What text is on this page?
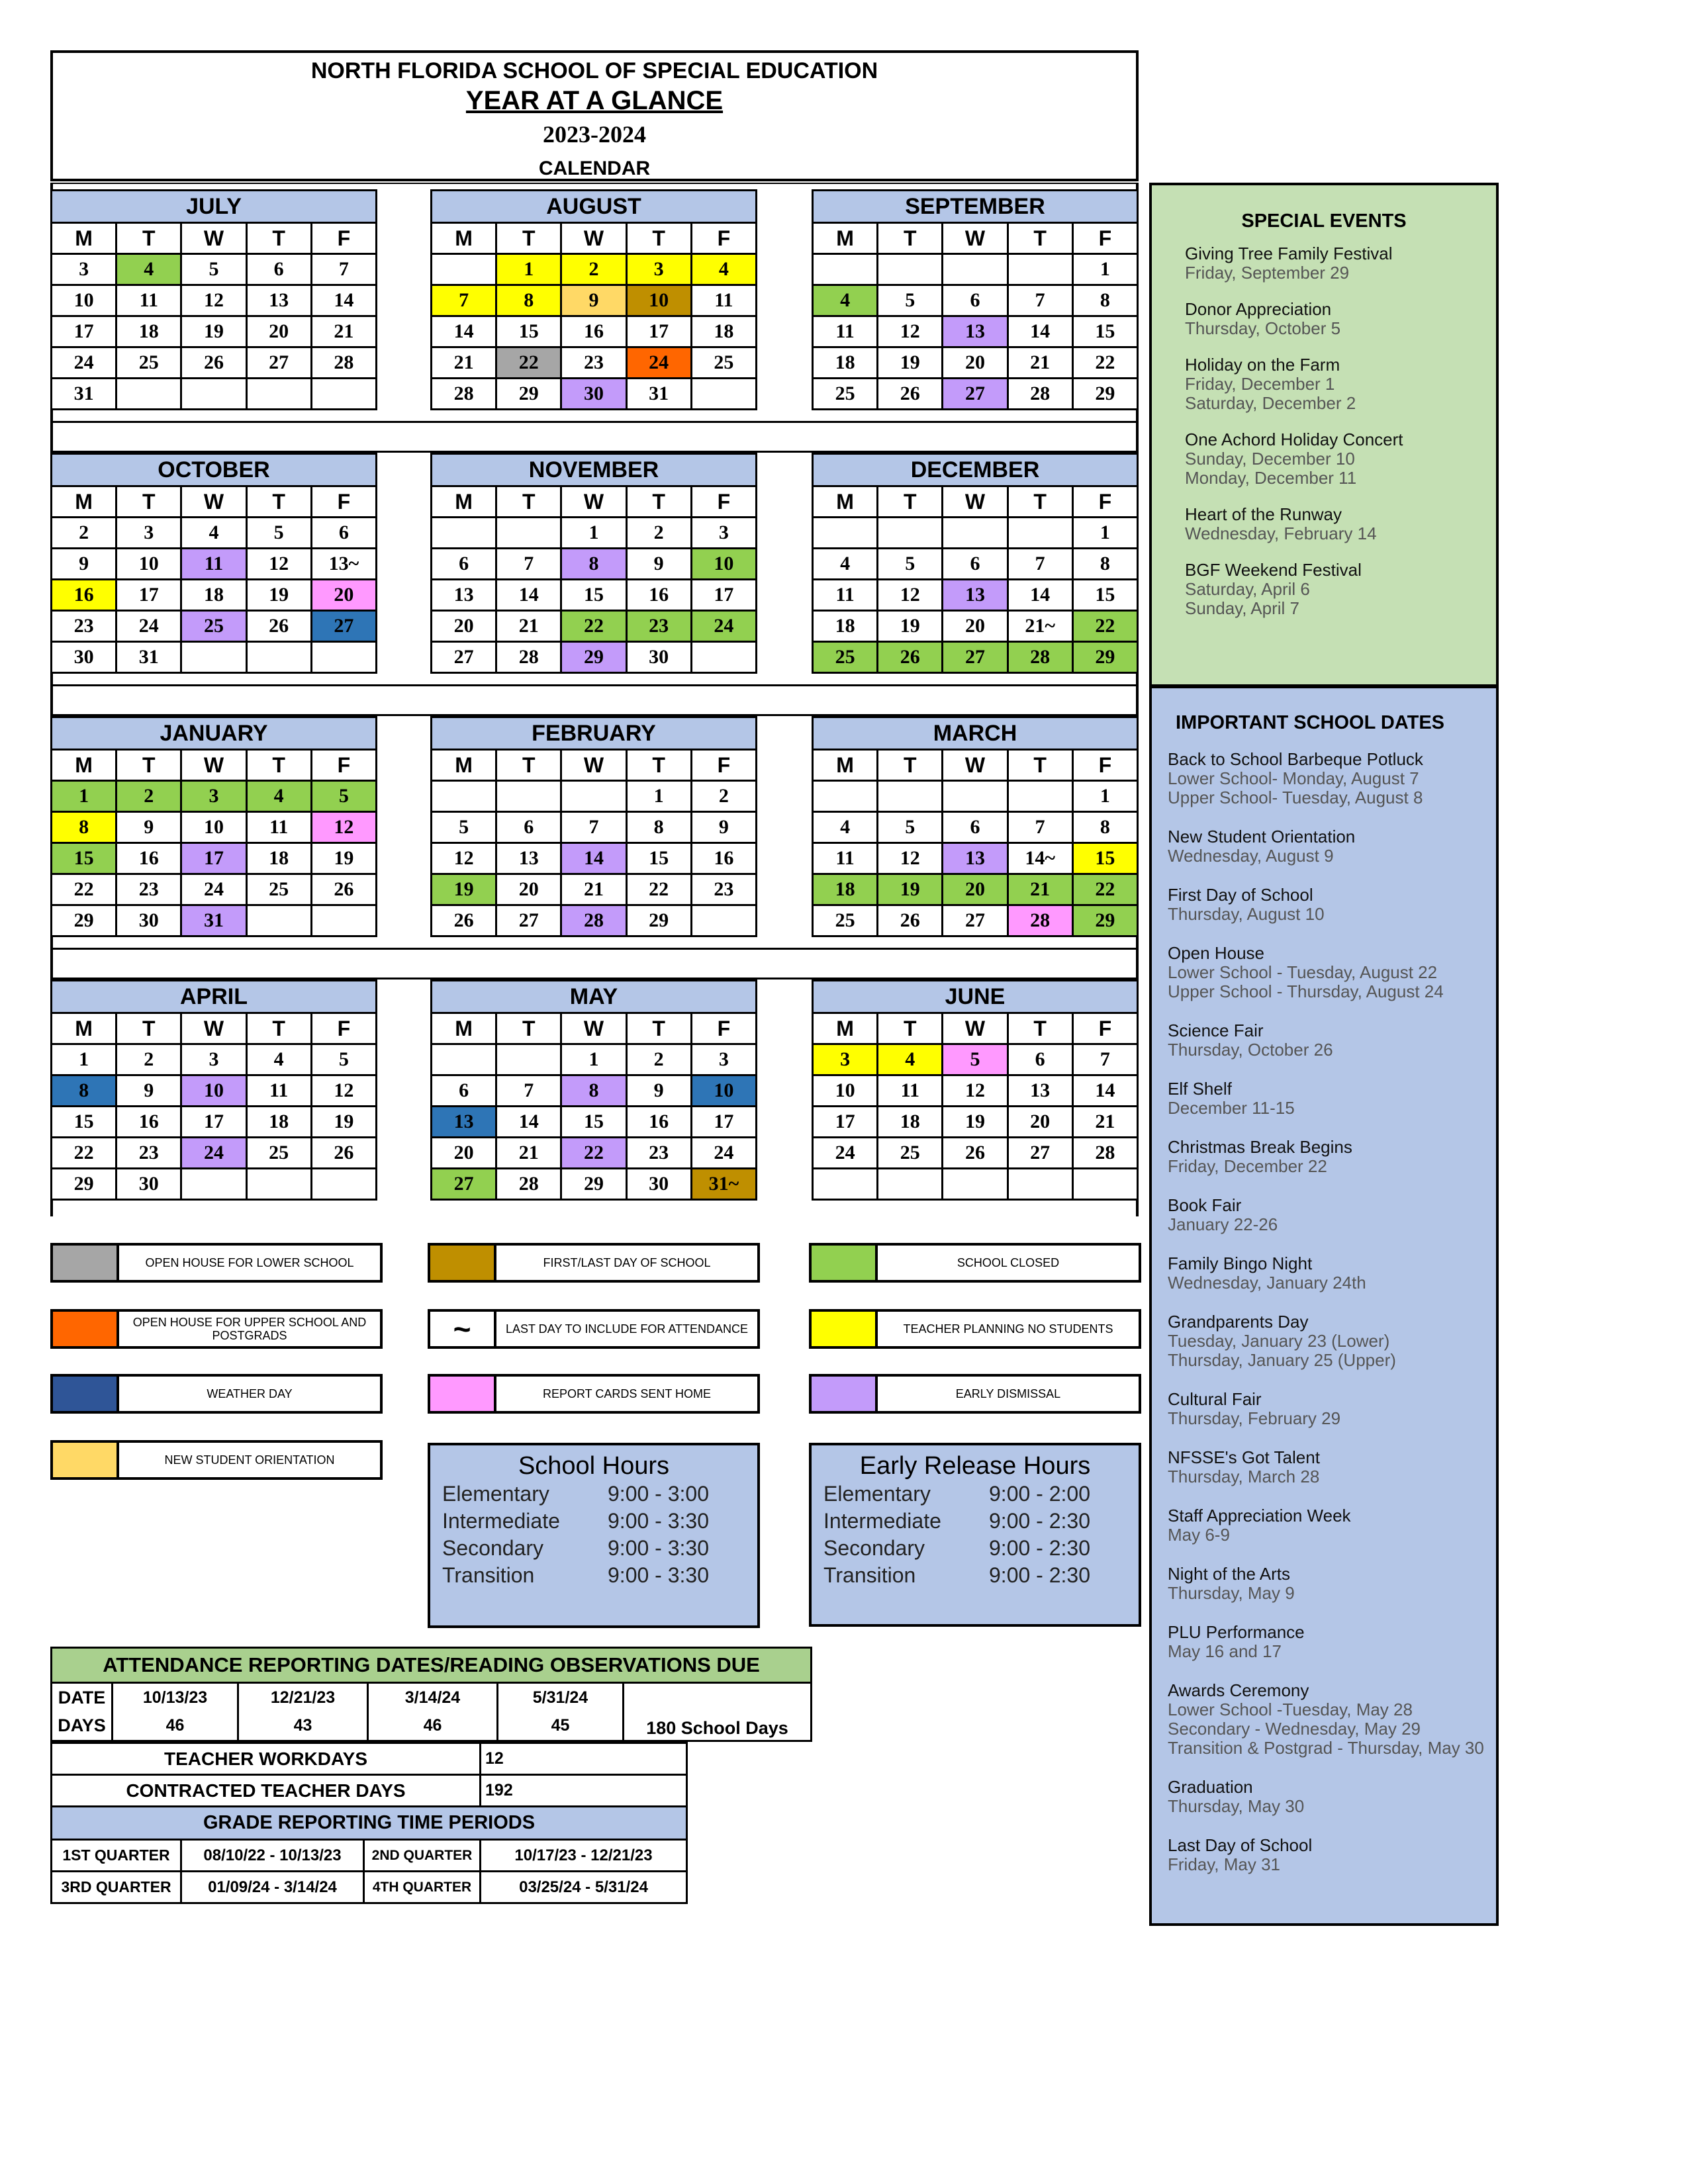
NORTH FLORIDA SCHOOL OF SPECIAL EDUCATION
YEAR AT A GLANCE
2023-2024
CALENDAR
JULY				
M	T	W	T	F
3	4	5	6	7
10	11	12	13	14
17	18	19	20	21
24	25	26	27	28
31				
AUGUST				
M	T	W	T	F
	1	2	3	4
7	8	9	10	11
14	15	16	17	18
21	22	23	24	25
28	29	30	31	
SEPTEMBER				
M	T	W	T	F
				1
4	5	6	7	8
11	12	13	14	15
18	19	20	21	22
25	26	27	28	29
OCTOBER				
M	T	W	T	F
2	3	4	5	6
9	10	11	12	13~
16	17	18	19	20
23	24	25	26	27
30	31			
NOVEMBER				
M	T	W	T	F
		1	2	3
6	7	8	9	10
13	14	15	16	17
20	21	22	23	24
27	28	29	30	
DECEMBER				
M	T	W	T	F
				1
4	5	6	7	8
11	12	13	14	15
18	19	20	21~	22
25	26	27	28	29
JANUARY				
M	T	W	T	F
1	2	3	4	5
8	9	10	11	12
15	16	17	18	19
22	23	24	25	26
29	30	31		
FEBRUARY				
M	T	W	T	F
			1	2
5	6	7	8	9
12	13	14	15	16
19	20	21	22	23
26	27	28	29	
MARCH				
M	T	W	T	F
				1
4	5	6	7	8
11	12	13	14~	15
18	19	20	21	22
25	26	27	28	29
APRIL				
M	T	W	T	F
1	2	3	4	5
8	9	10	11	12
15	16	17	18	19
22	23	24	25	26
29	30			
MAY				
M	T	W	T	F
		1	2	3
6	7	8	9	10
13	14	15	16	17
20	21	22	23	24
27	28	29	30	31~
JUNE				
M	T	W	T	F
3	4	5	6	7
10	11	12	13	14
17	18	19	20	21
24	25	26	27	28

OPEN HOUSE FOR LOWER SCHOOL	FIRST/LAST DAY OF SCHOOL	SCHOOL CLOSED
OPEN HOUSE FOR UPPER SCHOOL AND POSTGRADS	~	LAST DAY TO INCLUDE FOR ATTENDANCE	TEACHER PLANNING NO STUDENTS
WEATHER DAY	REPORT CARDS SENT HOME	EARLY DISMISSAL
NEW STUDENT ORIENTATION	School Hours
Elementary	9:00 - 3:00
Intermediate	9:00 - 3:30
Secondary	9:00 - 3:30
Transition	9:00 - 3:30
Early Release Hours
Elementary	9:00 - 2:00
Intermediate	9:00 - 2:30
Secondary	9:00 - 2:30
Transition	9:00 - 2:30
ATTENDANCE REPORTING DATES/READING OBSERVATIONS DUE					
DATE	10/13/23	12/21/23	3/14/24	5/31/24	180 School Days
DAYS	46	43	46	45	
TEACHER WORKDAYS			12
CONTRACTED TEACHER DAYS			192
GRADE REPORTING TIME PERIODS			
1ST QUARTER	08/10/22 - 10/13/23	2ND QUARTER	10/17/23 - 12/21/23
3RD QUARTER	01/09/24 - 3/14/24	4TH QUARTER	03/25/24 - 5/31/24
SPECIAL EVENTS
Giving Tree Family Festival
Friday, September 29
Donor Appreciation
Thursday, October 5
Holiday on the Farm
Friday, December 1
Saturday, December 2
One Achord Holiday Concert
Sunday, December 10
Monday, December 11
Heart of the Runway
Wednesday, February 14
BGF Weekend Festival
Saturday, April 6
Sunday, April 7
IMPORTANT SCHOOL DATES
Back to School Barbeque Potluck
Lower School- Monday, August 7
Upper School- Tuesday, August 8
New Student Orientation
Wednesday, August 9
First Day of School
Thursday, August 10
Open House
Lower School - Tuesday, August 22
Upper School - Thursday, August 24
Science Fair
Thursday, October 26
Elf Shelf
December 11-15
Christmas Break Begins
Friday, December 22
Book Fair
January 22-26
Family Bingo Night
Wednesday, January 24th
Grandparents Day
Tuesday, January 23 (Lower)
Thursday, January 25 (Upper)
Cultural Fair
Thursday, February 29
NFSSE's Got Talent
Thursday, March 28
Staff Appreciation Week
May 6-9
Night of the Arts
Thursday, May 9
PLU Performance
May 16 and 17
Awards Ceremony
Lower School -Tuesday, May 28
Secondary - Wednesday, May 29
Transition & Postgrad - Thursday, May 30
Graduation
Thursday, May 30
Last Day of School
Friday, May 31
